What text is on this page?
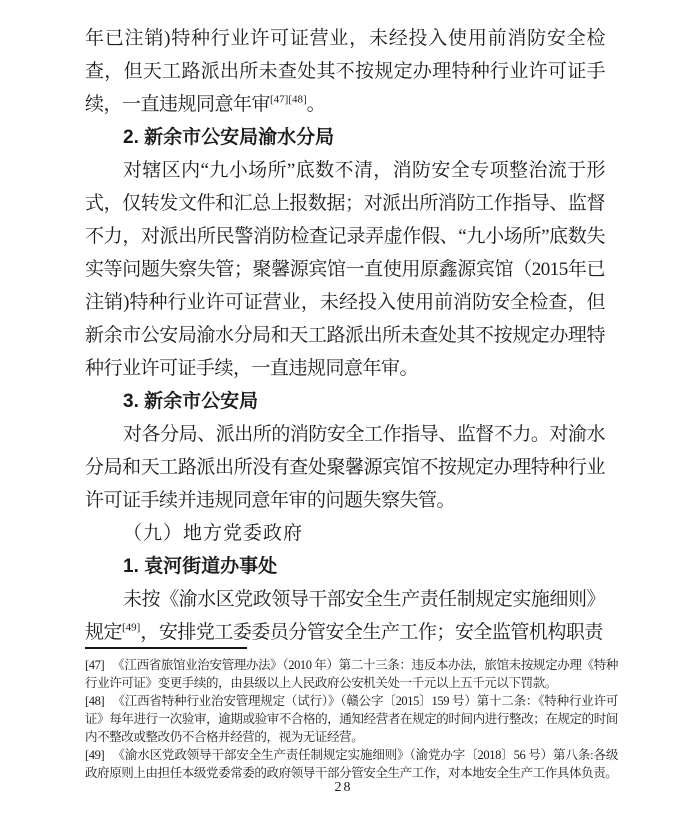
年已注销)特种行业许可证营业，未经投入使用前消防安全检查，但天工路派出所未查处其不按规定办理特种行业许可证手续，一直违规同意年审[47][48]。

2. 新余市公安局渝水分局

对辖区内“九小场所”底数不清，消防安全专项整治流于形式，仅转发文件和汇总上报数据；对派出所消防工作指导、监督不力，对派出所民警消防检查记录弄虚作假、“九小场所”底数失实等问题失察失管；聚馨源宾馆一直使用原鑫源宾馆（2015年已注销)特种行业许可证营业，未经投入使用前消防安全检查，但新余市公安局渝水分局和天工路派出所未查处其不按规定办理特种行业许可证手续，一直违规同意年审。

3. 新余市公安局

对各分局、派出所的消防安全工作指导、监督不力。对渝水分局和天工路派出所没有查处聚馨源宾馆不按规定办理特种行业许可证手续并违规同意年审的问题失察失管。

（九）地方党委政府
1. 袁河街道办事处

未按《渝水区党政领导干部安全生产责任制规定实施细则》规定[49]，安排党工委委员分管安全生产工作；安全监管机构职责

[47] 《江西省旅馆业治安管理办法》（2010 年）第二十三条：违反本办法，旅馆未按规定办理《特种行业许可证》变更手续的，由县级以上人民政府公安机关处一千元以上五千元以下罚款。

[48] 《江西省特种行业治安管理规定（试行）》（赣公字〔2015〕159 号）第十二条：《特种行业许可证》每年进行一次验审，逾期或验审不合格的，通知经营者在规定的时间内进行整改；在规定的时间内不整改或整改仍不合格并经营的，视为无证经营。

[49] 《渝水区党政领导干部安全生产责任制规定实施细则》（渝党办字〔2018〕56 号）第八条:各级政府原则上由担任本级党委常委的政府领导干部分管安全生产工作，对本地安全生产工作具体负责。

28
